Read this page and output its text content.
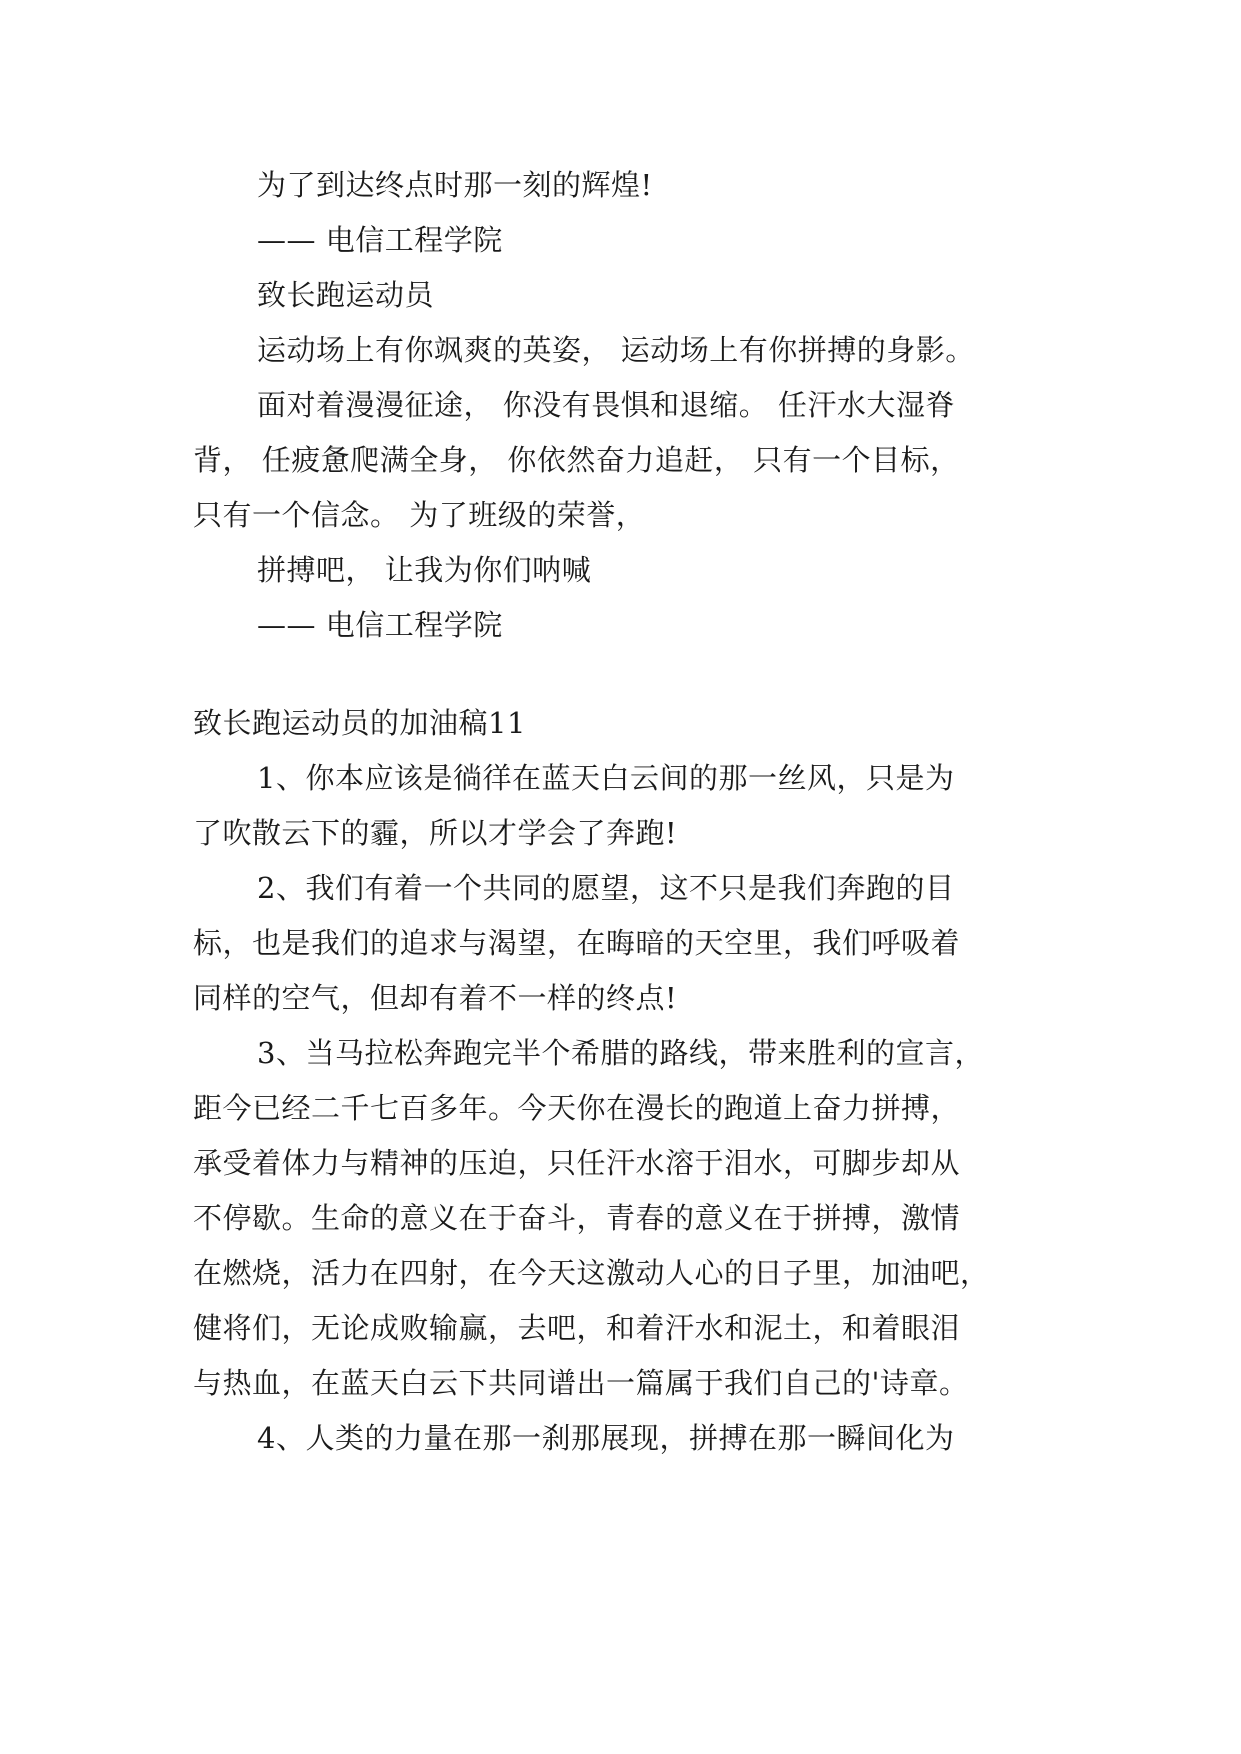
为了到达终点时那一刻的辉煌!
—— 电信工程学院
致长跑运动员
运动场上有你飒爽的英姿， 运动场上有你拼搏的身影。
面对着漫漫征途， 你没有畏惧和退缩。 任汗水大湿脊
背， 任疲惫爬满全身， 你依然奋力追赶， 只有一个目标，
只有一个信念。 为了班级的荣誉，
拼搏吧， 让我为你们呐喊
—— 电信工程学院
致长跑运动员的加油稿11
1、你本应该是徜徉在蓝天白云间的那一丝风，只是为
了吹散云下的霾，所以才学会了奔跑!
2、我们有着一个共同的愿望，这不只是我们奔跑的目
标，也是我们的追求与渴望，在晦暗的天空里，我们呼吸着
同样的空气，但却有着不一样的终点!
3、当马拉松奔跑完半个希腊的路线，带来胜利的宣言，
距今已经二千七百多年。今天你在漫长的跑道上奋力拼搏，
承受着体力与精神的压迫，只任汗水溶于泪水，可脚步却从
不停歇。生命的意义在于奋斗，青春的意义在于拼搏，激情
在燃烧，活力在四射，在今天这激动人心的日子里，加油吧，
健将们，无论成败输赢，去吧，和着汗水和泥土，和着眼泪
与热血，在蓝天白云下共同谱出一篇属于我们自己的'诗章。
4、人类的力量在那一刹那展现，拼搏在那一瞬间化为
